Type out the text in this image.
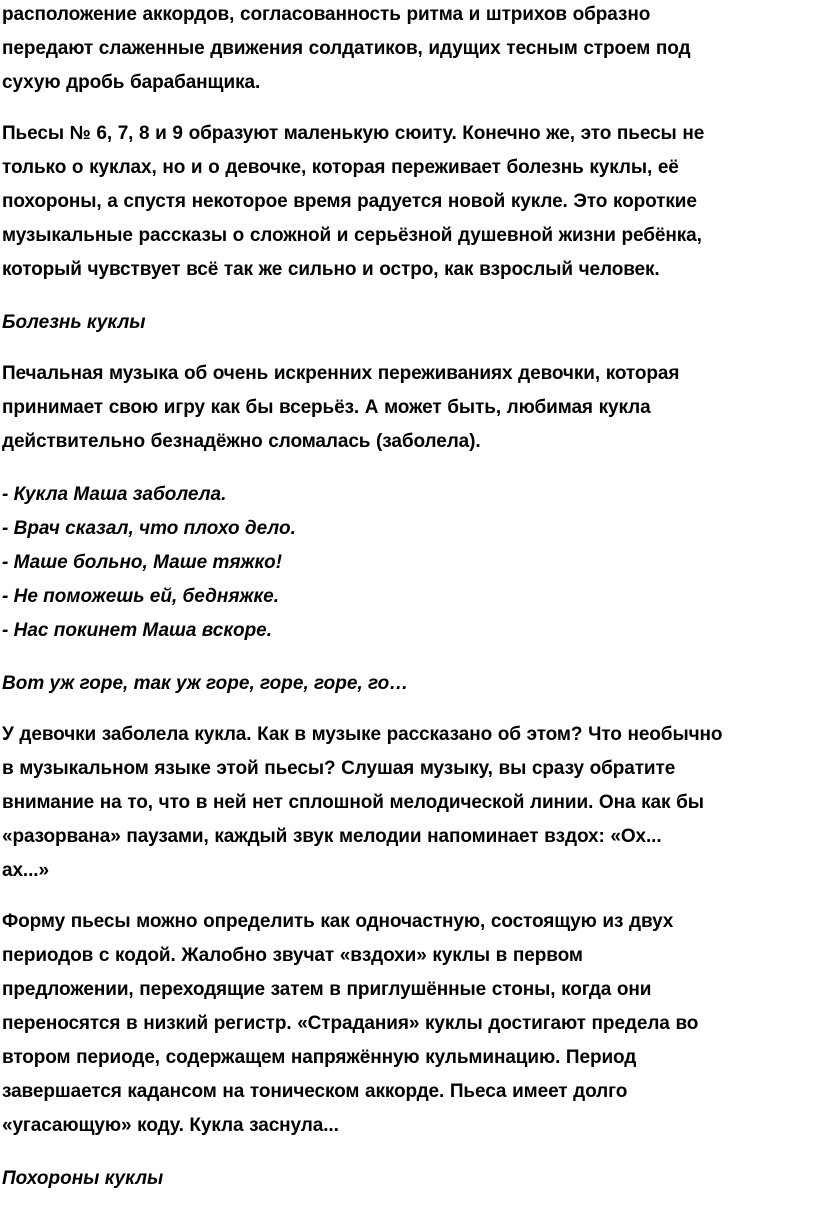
расположение аккордов, согласованность ритма и штрихов образно
передают слаженные движения солдатиков, идущих тесным строем под
сухую дробь барабанщика.

Пьесы № 6, 7, 8 и 9 образуют маленькую сюиту. Конечно же, это пьесы не
только о куклах, но и о девочке, которая переживает болезнь куклы, её
похороны, а спустя некоторое время радуется новой кукле. Это короткие
музыкальные рассказы о сложной и серьёзной душевной жизни ребёнка,
который чувствует всё так же сильно и остро, как взрослый человек.

Болезнь куклы

Печальная музыка об очень искренних переживаниях девочки, которая
принимает свою игру как бы всерьёз. А может быть, любимая кукла
действительно безнадёжно сломалась (заболела).

- Кукла Маша заболела.
- Врач сказал, что плохо дело.
- Маше больно, Маше тяжко!
- Не поможешь ей, бедняжке.
- Нас покинет Маша вскоре.

Вот уж горе, так уж горе, горе, горе, го…

У девочки заболела кукла. Как в музыке рассказано об этом? Что необычно
в музыкальном языке этой пьесы? Слушая музыку, вы сразу обратите
внимание на то, что в ней нет сплошной мелодической линии. Она как бы
«разорвана» паузами, каждый звук мелодии напоминает вздох: «Ох...
ах...»

Форму пьесы можно определить как одночастную, состоящую из двух
периодов с кодой. Жалобно звучат «вздохи» куклы в первом
предложении, переходящие затем в приглушённые стоны, когда они
переносятся в низкий регистр. «Страдания» куклы достигают предела во
втором периоде, содержащем напряжённую кульминацию. Период
завершается кадансом на тоническом аккорде. Пьеса имеет долго
«угасающую» коду. Кукла заснула...

Похороны куклы
